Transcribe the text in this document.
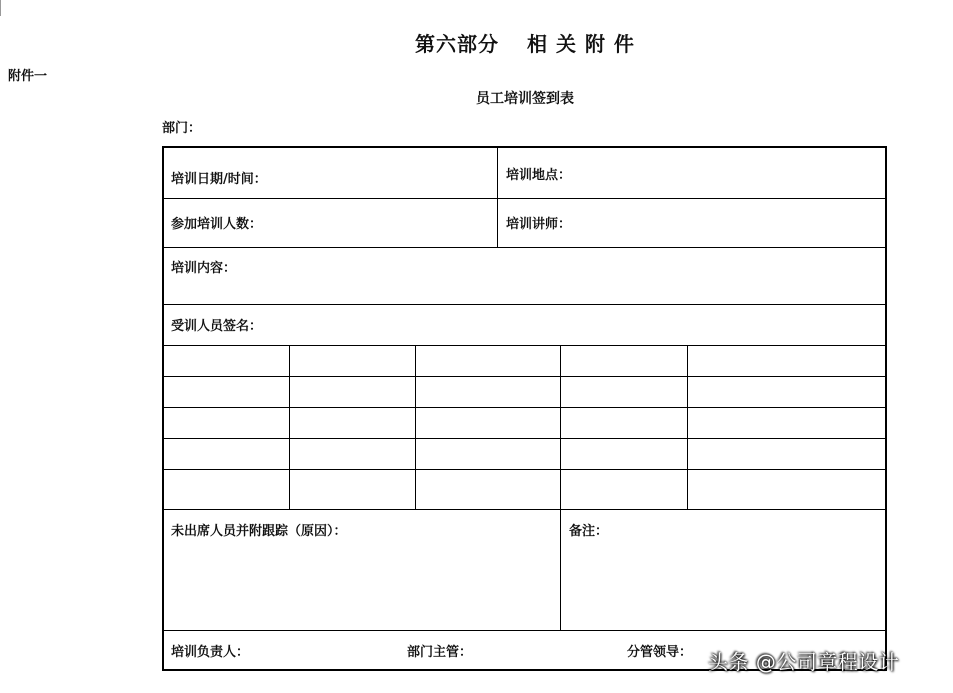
第六部分 相 关 附 件
附件一
员工培训签到表
部门：
培训日期/时间：	培训地点：
参加培训人数：	培训讲师：
培训内容：
受训人员签名：
未出席人员并附跟踪（原因）：	备注：
培训负责人：	部门主管：	分管领导： 头条 @公司章程设计
